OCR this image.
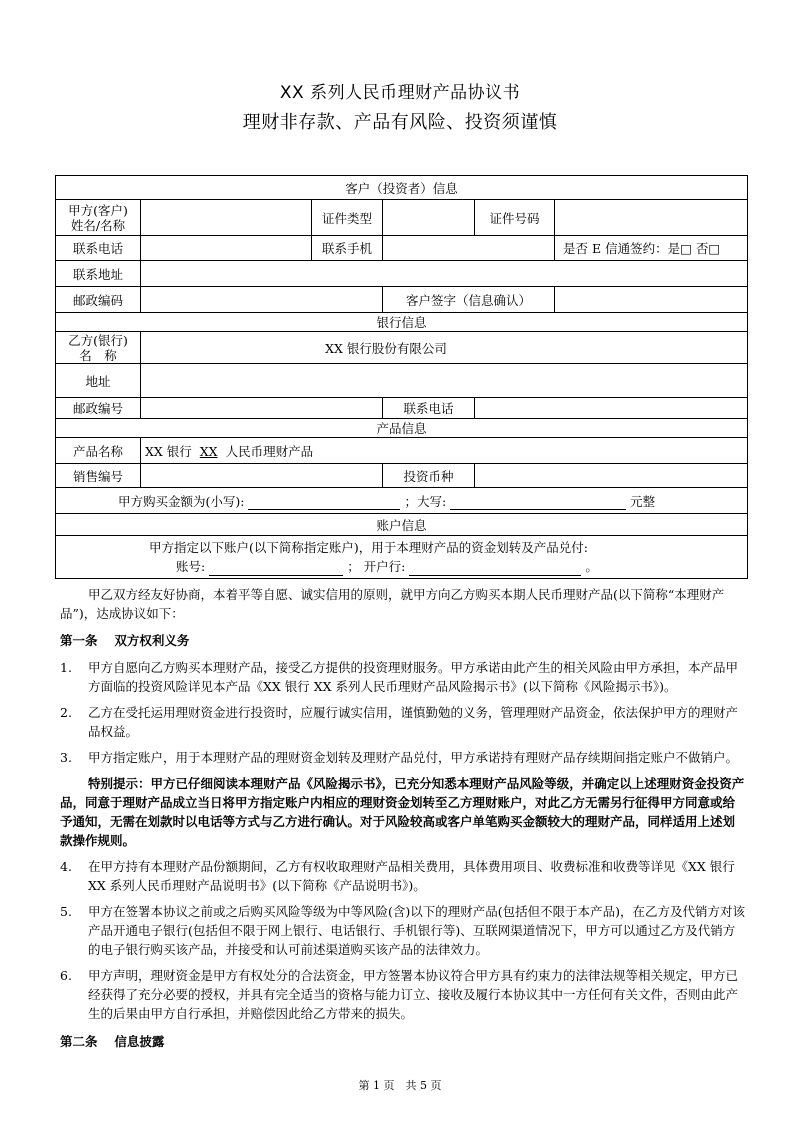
XX 系列人民币理财产品协议书
理财非存款、产品有风险、投资须谨慎
客户（投资者）信息					
甲方(客户)
姓名/名称		证件类型		证件号码	
联系电话		联系手机			是否 E 信通签约：是□ 否□
联系地址					
邮政编码			客户签字（信息确认）		
银行信息					
乙方(银行)
名　称	XX 银行股份有限公司				
地址					
邮政编号			联系电话		
产品信息					
产品名称	XX 银行 XX 人民币理财产品				
销售编号			投资币种		
甲方购买金额为(小写): ；大写: 元整					
账户信息					

甲方指定以下账户(以下简称指定账户)，用于本理财产品的资金划转及产品兑付:
账号: ； 开户行: 。					
甲乙双方经友好协商，本着平等自愿、诚实信用的原则，就甲方向乙方购买本期人民币理财产品(以下简称“本理财产品”)，达成协议如下：
第一条　 双方权利义务
1. 甲方自愿向乙方购买本理财产品，接受乙方提供的投资理财服务。甲方承诺由此产生的相关风险由甲方承担，本产品甲方面临的投资风险详见本产品《XX 银行 XX 系列人民币理财产品风险揭示书》(以下简称《风险揭示书》)。
2. 乙方在受托运用理财资金进行投资时，应履行诚实信用，谨慎勤勉的义务，管理理财产品资金，依法保护甲方的理财产品权益。
3. 甲方指定账户，用于本理财产品的理财资金划转及理财产品兑付，甲方承诺持有理财产品存续期间指定账户不做销户。
特别提示：甲方已仔细阅读本理财产品《风险揭示书》，已充分知悉本理财产品风险等级，并确定以上述理财资金投资产品，同意于理财产品成立当日将甲方指定账户内相应的理财资金划转至乙方理财账户，对此乙方无需另行征得甲方同意或给予通知，无需在划款时以电话等方式与乙方进行确认。对于风险较高或客户单笔购买金额较大的理财产品，同样适用上述划款操作规则。
4. 在甲方持有本理财产品份额期间，乙方有权收取理财产品相关费用，具体费用项目、收费标准和收费等详见《XX 银行 XX 系列人民币理财产品说明书》(以下简称《产品说明书》)。
5. 甲方在签署本协议之前或之后购买风险等级为中等风险(含)以下的理财产品(包括但不限于本产品)，在乙方及代销方对该产品开通电子银行(包括但不限于网上银行、电话银行、手机银行等)、互联网渠道情况下，甲方可以通过乙方及代销方的电子银行购买该产品，并接受和认可前述渠道购买该产品的法律效力。
6. 甲方声明，理财资金是甲方有权处分的合法资金，甲方签署本协议符合甲方具有约束力的法律法规等相关规定，甲方已经获得了充分必要的授权，并具有完全适当的资格与能力订立、接收及履行本协议其中一方任何有关文件，否则由此产生的后果由甲方自行承担，并赔偿因此给乙方带来的损失。
第二条　 信息披露
第 1 页　共 5 页
